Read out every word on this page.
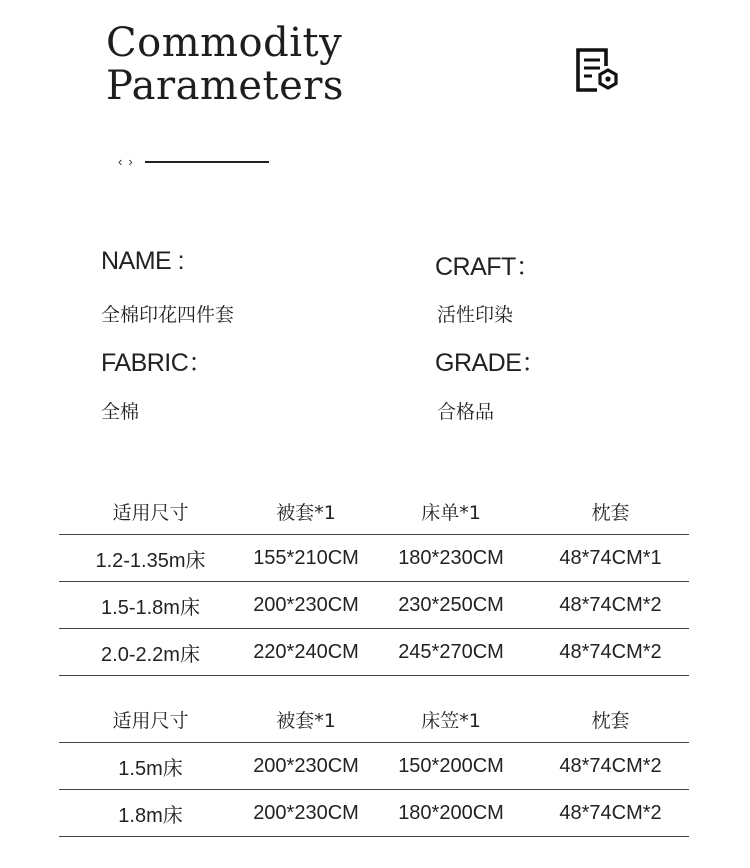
Commodity
Parameters
‹ ›
NAME :
全棉印花四件套
CRAFT：
活性印染
FABRIC：
全棉
GRADE：
合格品
适用尺寸	被套*1	床单*1	枕套
1.2-1.35m床	155*210CM	180*230CM	48*74CM*1
1.5-1.8m床	200*230CM	230*250CM	48*74CM*2
2.0-2.2m床	220*240CM	245*270CM	48*74CM*2
适用尺寸	被套*1	床笠*1	枕套
1.5m床	200*230CM	150*200CM	48*74CM*2
1.8m床	200*230CM	180*200CM	48*74CM*2
